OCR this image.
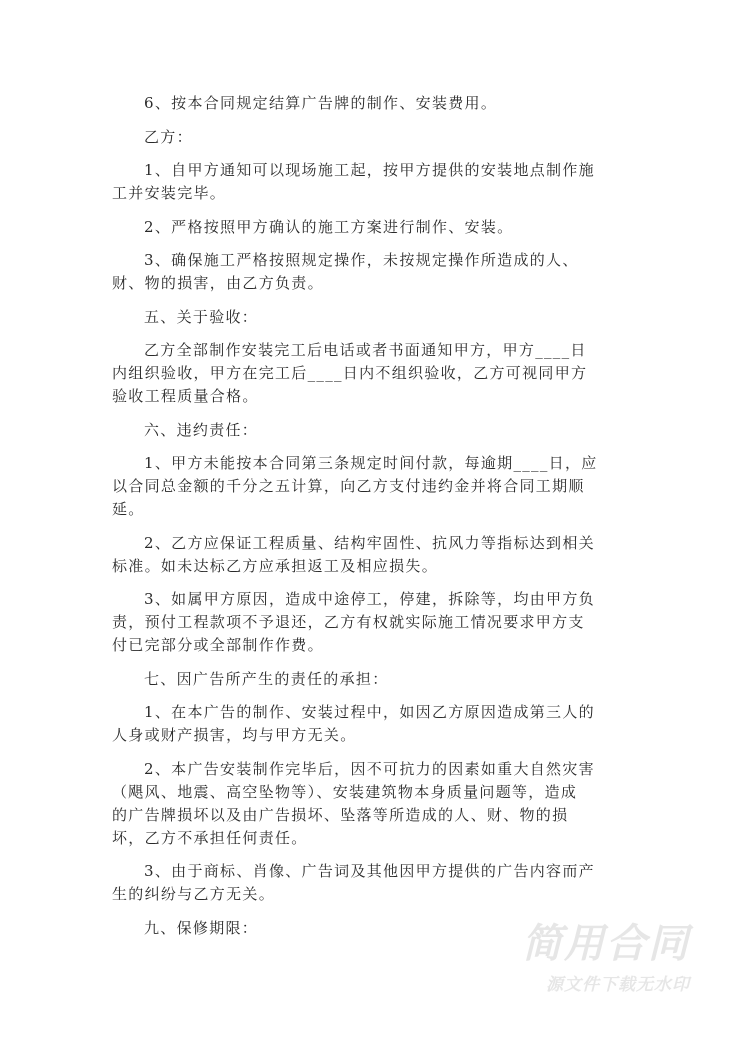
6、按本合同规定结算广告牌的制作、安装费用。
乙方：
1、自甲方通知可以现场施工起，按甲方提供的安装地点制作施
工并安装完毕。
2、严格按照甲方确认的施工方案进行制作、安装。
3、确保施工严格按照规定操作，未按规定操作所造成的人、
财、物的损害，由乙方负责。
五、关于验收：
乙方全部制作安装完工后电话或者书面通知甲方，甲方____日
内组织验收，甲方在完工后____日内不组织验收，乙方可视同甲方
验收工程质量合格。
六、违约责任：
1、甲方未能按本合同第三条规定时间付款，每逾期____日，应
以合同总金额的千分之五计算，向乙方支付违约金并将合同工期顺
延。
2、乙方应保证工程质量、结构牢固性、抗风力等指标达到相关
标准。如未达标乙方应承担返工及相应损失。
3、如属甲方原因，造成中途停工，停建，拆除等，均由甲方负
责，预付工程款项不予退还，乙方有权就实际施工情况要求甲方支
付已完部分或全部制作作费。
七、因广告所产生的责任的承担：
1、在本广告的制作、安装过程中，如因乙方原因造成第三人的
人身或财产损害，均与甲方无关。
2、本广告安装制作完毕后，因不可抗力的因素如重大自然灾害
（飓风、地震、高空坠物等）、安装建筑物本身质量问题等，造成
的广告牌损坏以及由广告损坏、坠落等所造成的人、财、物的损
坏，乙方不承担任何责任。
3、由于商标、肖像、广告词及其他因甲方提供的广告内容而产
生的纠纷与乙方无关。
九、保修期限：	简用合同
源文件下载无水印
